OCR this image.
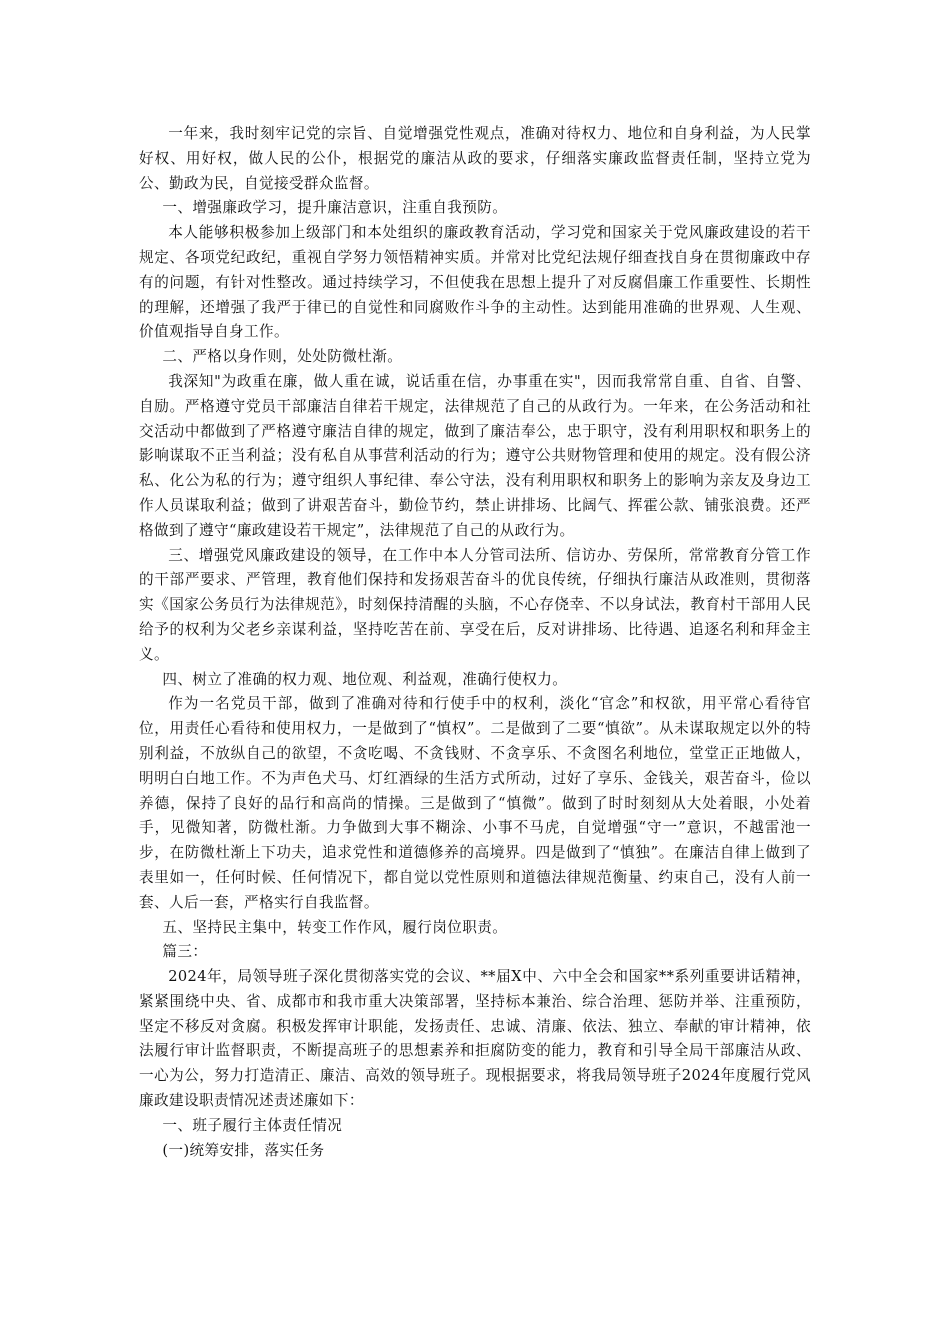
一年来，我时刻牢记党的宗旨、自觉增强党性观点，准确对待权力、地位和自身利益，为人民掌好权、用好权，做人民的公仆，根据党的廉洁从政的要求，仔细落实廉政监督责任制，坚持立党为公、勤政为民，自觉接受群众监督。

一、增强廉政学习，提升廉洁意识，注重自我预防。

本人能够积极参加上级部门和本处组织的廉政教育活动，学习党和国家关于党风廉政建设的若干规定、各项党纪政纪，重视自学努力领悟精神实质。并常对比党纪法规仔细查找自身在贯彻廉政中存有的问题，有针对性整改。通过持续学习，不但使我在思想上提升了对反腐倡廉工作重要性、长期性的理解，还增强了我严于律已的自觉性和同腐败作斗争的主动性。达到能用准确的世界观、人生观、价值观指导自身工作。

二、严格以身作则，处处防微杜渐。

我深知"为政重在廉，做人重在诚，说话重在信，办事重在实"，因而我常常自重、自省、自警、自励。严格遵守党员干部廉洁自律若干规定，法律规范了自己的从政行为。一年来，在公务活动和社交活动中都做到了严格遵守廉洁自律的规定，做到了廉洁奉公，忠于职守，没有利用职权和职务上的影响谋取不正当利益；没有私自从事营利活动的行为；遵守公共财物管理和使用的规定。没有假公济私、化公为私的行为；遵守组织人事纪律、奉公守法，没有利用职权和职务上的影响为亲友及身边工作人员谋取利益；做到了讲艰苦奋斗，勤俭节约，禁止讲排场、比阔气、挥霍公款、铺张浪费。还严格做到了遵守“廉政建设若干规定”，法律规范了自己的从政行为。

三、增强党风廉政建设的领导，在工作中本人分管司法所、信访办、劳保所，常常教育分管工作的干部严要求、严管理，教育他们保持和发扬艰苦奋斗的优良传统，仔细执行廉洁从政准则，贯彻落实《国家公务员行为法律规范》，时刻保持清醒的头脑，不心存侥幸、不以身试法，教育村干部用人民给予的权利为父老乡亲谋利益，坚持吃苦在前、享受在后，反对讲排场、比待遇、追逐名利和拜金主义。

四、树立了准确的权力观、地位观、利益观，准确行使权力。

作为一名党员干部，做到了准确对待和行使手中的权利，淡化“官念”和权欲，用平常心看待官位，用责任心看待和使用权力，一是做到了“慎权”。二是做到了二要“慎欲”。从未谋取规定以外的特别利益，不放纵自己的欲望，不贪吃喝、不贪钱财、不贪享乐、不贪图名利地位，堂堂正正地做人，明明白白地工作。不为声色犬马、灯红酒绿的生活方式所动，过好了享乐、金钱关，艰苦奋斗，俭以养德，保持了良好的品行和高尚的情操。三是做到了“慎微”。做到了时时刻刻从大处着眼，小处着手，见微知著，防微杜渐。力争做到大事不糊涂、小事不马虎，自觉增强“守一”意识，不越雷池一步，在防微杜渐上下功夫，追求党性和道德修养的高境界。四是做到了“慎独”。在廉洁自律上做到了表里如一，任何时候、任何情况下，都自觉以党性原则和道德法律规范衡量、约束自己，没有人前一套、人后一套，严格实行自我监督。

五、坚持民主集中，转变工作作风，履行岗位职责。

篇三：

2024年，局领导班子深化贯彻落实党的会议、**届X中、六中全会和国家**系列重要讲话精神，紧紧围绕中央、省、成都市和我市重大决策部署，坚持标本兼治、综合治理、惩防并举、注重预防，坚定不移反对贪腐。积极发挥审计职能，发扬责任、忠诚、清廉、依法、独立、奉献的审计精神，依法履行审计监督职责，不断提高班子的思想素养和拒腐防变的能力，教育和引导全局干部廉洁从政、一心为公，努力打造清正、廉洁、高效的领导班子。现根据要求，将我局领导班子2024年度履行党风廉政建设职责情况述责述廉如下：

一、班子履行主体责任情况

(一)统筹安排，落实任务
